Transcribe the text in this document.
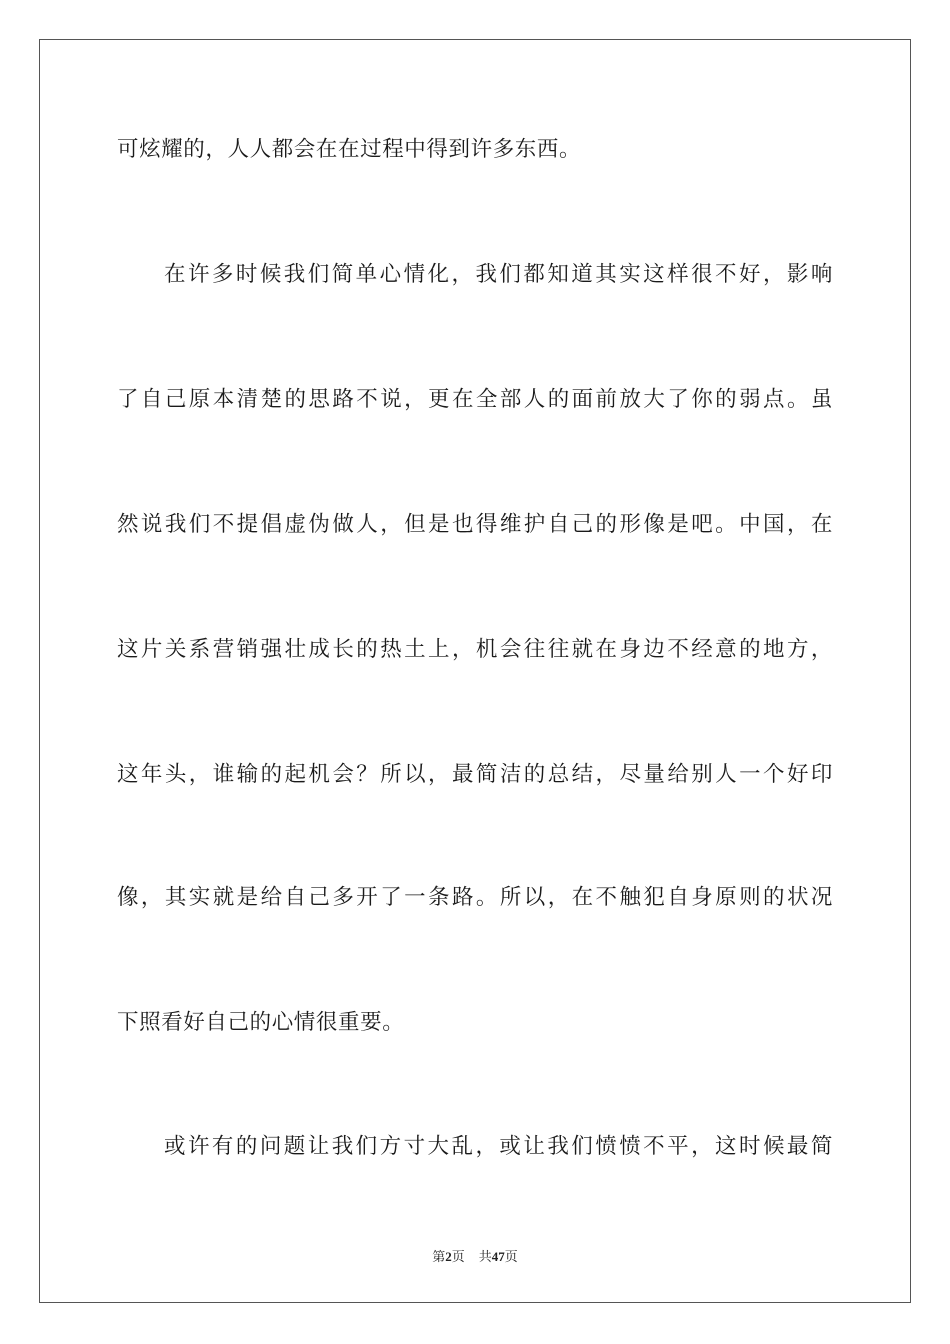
可炫耀的，人人都会在在过程中得到许多东西。
在许多时候我们简单心情化，我们都知道其实这样很不好，影响
了自己原本清楚的思路不说，更在全部人的面前放大了你的弱点。虽
然说我们不提倡虚伪做人，但是也得维护自己的形像是吧。中国，在
这片关系营销强壮成长的热土上，机会往往就在身边不经意的地方，
这年头，谁输的起机会？所以，最简洁的总结，尽量给别人一个好印
像，其实就是给自己多开了一条路。所以，在不触犯自身原则的状况
下照看好自己的心情很重要。
或许有的问题让我们方寸大乱，或让我们愤愤不平，这时候最简
第2页 共47页
